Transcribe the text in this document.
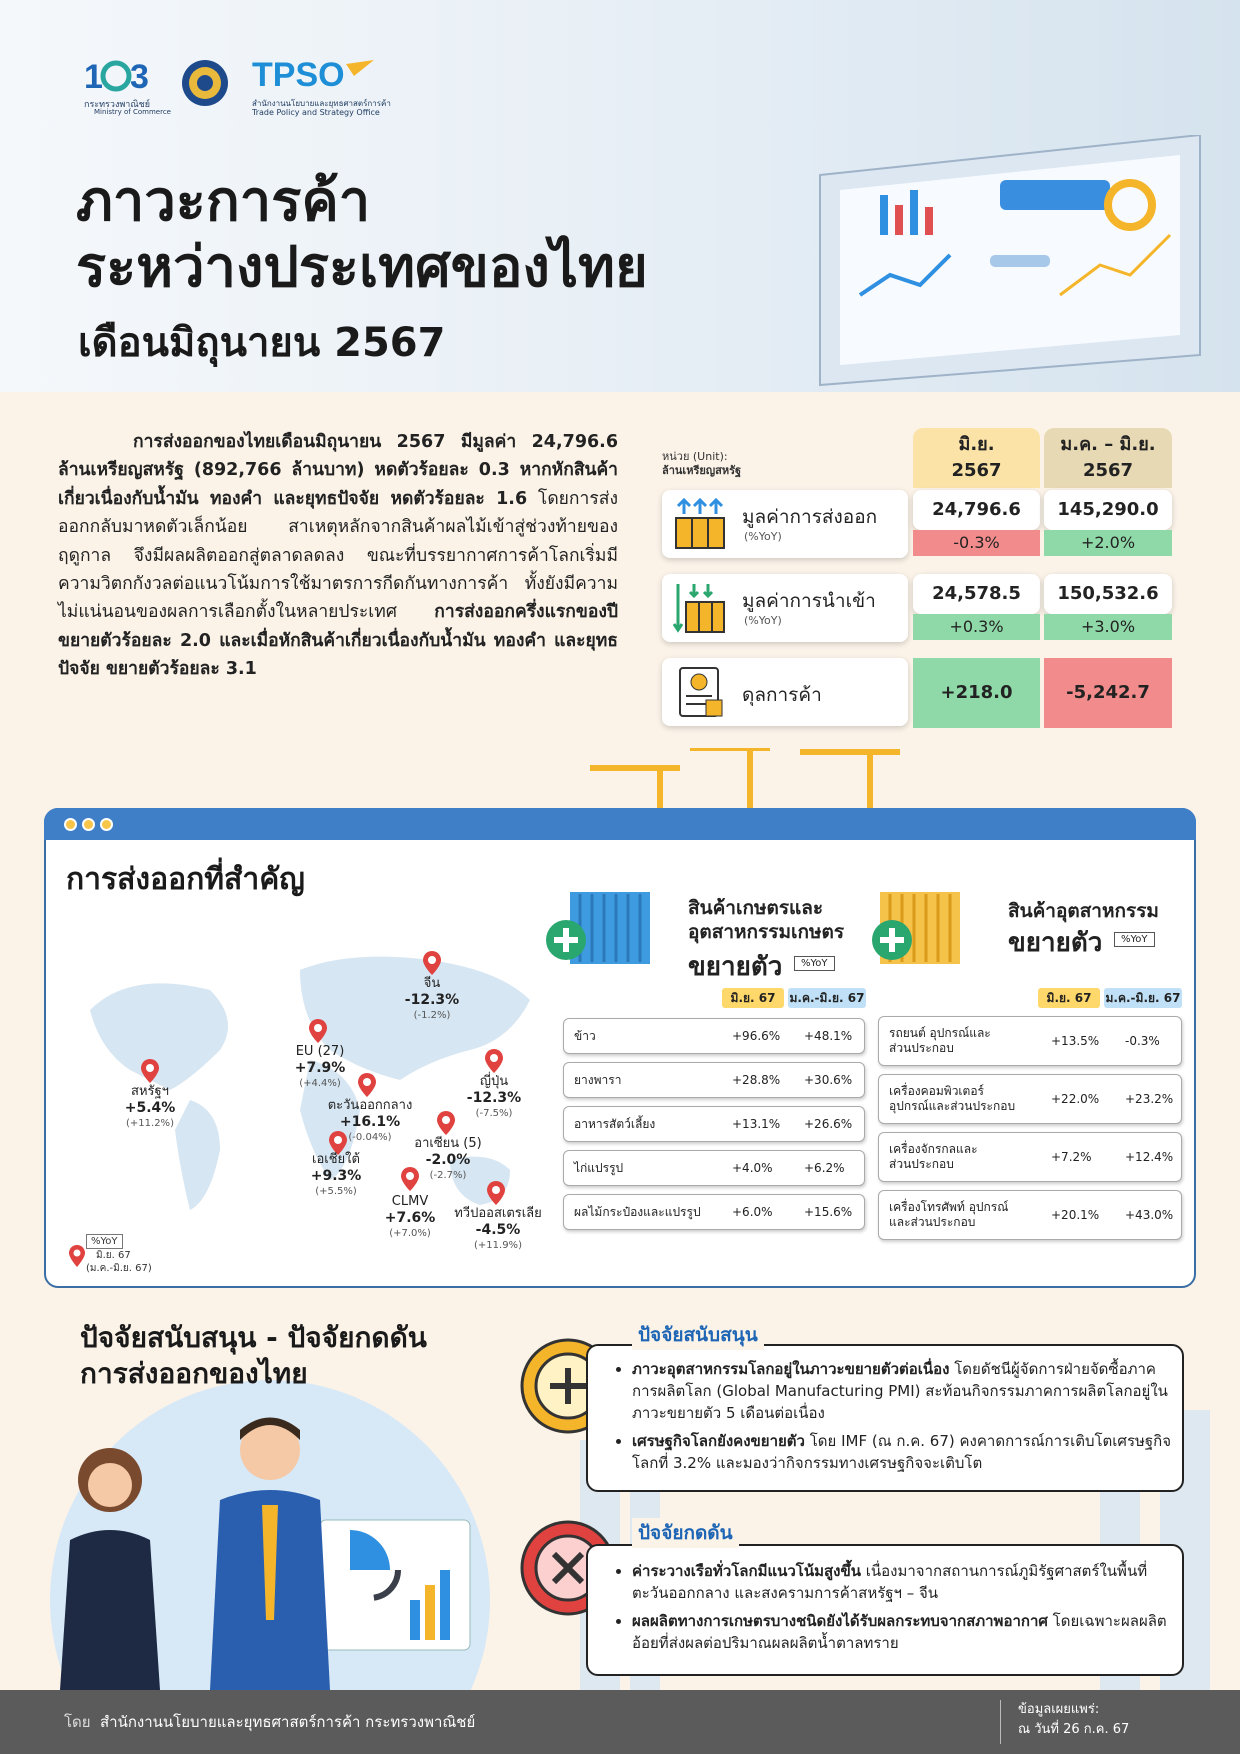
1 3
กระทรวงพาณิชย์
Ministry of Commerce
TPSO
สำนักงานนโยบายและยุทธศาสตร์การค้า
Trade Policy and Strategy Office
ภาวะการค้า
ระหว่างประเทศของไทย
เดือนมิถุนายน 2567

การส่งออกของไทยเดือนมิถุนายน 2567 มีมูลค่า 24,796.6 ล้านเหรียญสหรัฐ (892,766 ล้านบาท) หดตัวร้อยละ 0.3 หากหักสินค้าเกี่ยวเนื่องกับน้ำมัน ทองคำ และยุทธปัจจัย หดตัวร้อยละ 1.6 โดยการส่งออกกลับมาหดตัวเล็กน้อย สาเหตุหลักจากสินค้าผลไม้เข้าสู่ช่วงท้ายของฤดูกาล จึงมีผลผลิตออกสู่ตลาดลดลง ขณะที่บรรยากาศการค้าโลกเริ่มมีความวิตกกังวลต่อแนวโน้มการใช้มาตรการกีดกันทางการค้า ทั้งยังมีความไม่แน่นอนของผลการเลือกตั้งในหลายประเทศ การส่งออกครึ่งแรกของปีขยายตัวร้อยละ 2.0 และเมื่อหักสินค้าเกี่ยวเนื่องกับน้ำมัน ทองคำ และยุทธปัจจัย ขยายตัวร้อยละ 3.1

หน่วย (Unit):
ล้านเหรียญสหรัฐ
มิ.ย.
2567
ม.ค. – มิ.ย.
2567
มูลค่าการส่งออก
(%YoY)
24,796.6	145,290.0
-0.3%	+2.0%
มูลค่าการนำเข้า
(%YoY)
24,578.5	150,532.6
+0.3%	+3.0%
ดุลการค้า	+218.0	-5,242.7
การส่งออกที่สำคัญ
สหรัฐฯ
+5.4%
(+11.2%)
EU (27)
+7.9%
(+4.4%)
จีน
-12.3%
(-1.2%)
ญี่ปุ่น
-12.3%
(-7.5%)
ตะวันออกกลาง
+16.1%
(-0.04%)	อาเซียน (5)
-2.0%
(-2.7%)
เอเชียใต้
+9.3%
(+5.5%)
CLMV
+7.6%
(+7.0%)
ทวีปออสเตรเลีย
-4.5%
(+11.9%)
%YoY
มิ.ย. 67
(ม.ค.-มิ.ย. 67)
สินค้าเกษตรและ
อุตสาหกรรมเกษตร
ขยายตัว	%YoY
มิ.ย. 67	ม.ค.-มิ.ย. 67
ข้าว	+96.6% +48.1%
ยางพารา	+28.8% +30.6%
อาหารสัตว์เลี้ยง	+13.1% +26.6%
ไก่แปรรูป	+4.0%	+6.2%
ผลไม้กระป๋องและแปรรูป	+6.0%	+15.6%
สินค้าอุตสาหกรรม
ขยายตัว	%YoY
มิ.ย. 67	ม.ค.-มิ.ย. 67
รถยนต์ อุปกรณ์และ
ส่วนประกอบ	+13.5% -0.3%
เครื่องคอมพิวเตอร์
อุปกรณ์และส่วนประกอบ	+22.0% +23.2%
เครื่องจักรกลและ
ส่วนประกอบ	+7.2%	+12.4%
เครื่องโทรศัพท์ อุปกรณ์
และส่วนประกอบ	+20.1% +43.0%
ปัจจัยสนับสนุน - ปัจจัยกดดัน
การส่งออกของไทย
ปัจจัยสนับสนุน
• ภาวะอุตสาหกรรมโลกอยู่ในภาวะขยายตัวต่อเนื่อง โดยดัชนีผู้จัดการฝ่ายจัดซื้อภาคการผลิตโลก (Global Manufacturing PMI) สะท้อนกิจกรรมภาคการผลิตโลกอยู่ในภาวะขยายตัว 5 เดือนต่อเนื่อง
• เศรษฐกิจโลกยังคงขยายตัว โดย IMF (ณ ก.ค. 67) คงคาดการณ์การเติบโตเศรษฐกิจโลกที่ 3.2% และมองว่ากิจกรรมทางเศรษฐกิจจะเติบโต
ปัจจัยกดดัน
• ค่าระวางเรือทั่วโลกมีแนวโน้มสูงขึ้น เนื่องมาจากสถานการณ์ภูมิรัฐศาสตร์ในพื้นที่ตะวันออกกลาง และสงครามการค้าสหรัฐฯ – จีน
• ผลผลิตทางการเกษตรบางชนิดยังได้รับผลกระทบจากสภาพอากาศ โดยเฉพาะผลผลิตอ้อยที่ส่งผลต่อปริมาณผลผลิตน้ำตาลทราย
โดย สำนักงานนโยบายและยุทธศาสตร์การค้า กระทรวงพาณิชย์
ข้อมูลเผยแพร่:
ณ วันที่ 26 ก.ค. 67
